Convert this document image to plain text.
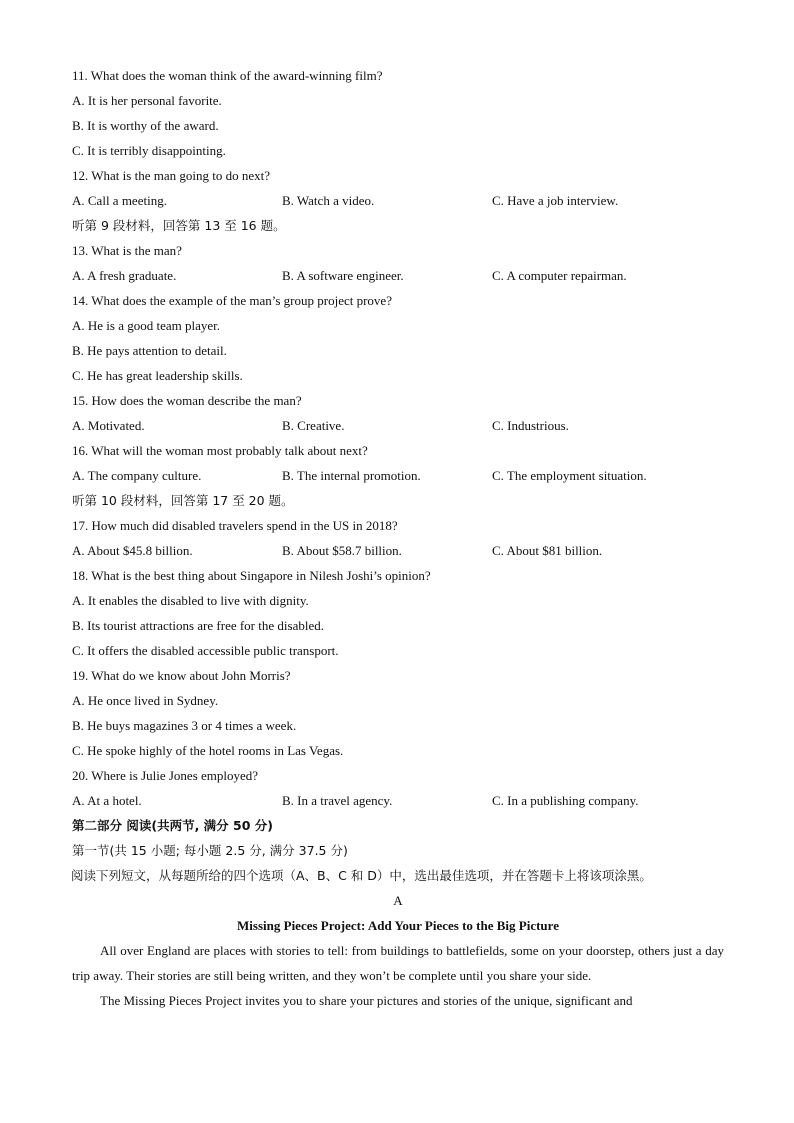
11. What does the woman think of the award-winning film?
A. It is her personal favorite.
B. It is worthy of the award.
C. It is terribly disappointing.
12. What is the man going to do next?
A. Call a meeting.	B. Watch a video.	C. Have a job interview.
听第 9 段材料，回答第 13 至 16 题。
13. What is the man?
A. A fresh graduate.	B. A software engineer.	C. A computer repairman.
14. What does the example of the man’s group project prove?
A. He is a good team player.
B. He pays attention to detail.
C. He has great leadership skills.
15. How does the woman describe the man?
A. Motivated.	B. Creative.	C. Industrious.
16. What will the woman most probably talk about next?
A. The company culture.	B. The internal promotion.	C. The employment situation.
听第 10 段材料，回答第 17 至 20 题。
17. How much did disabled travelers spend in the US in 2018?
A. About $45.8 billion.	B. About $58.7 billion.	C. About $81 billion.
18. What is the best thing about Singapore in Nilesh Joshi’s opinion?
A. It enables the disabled to live with dignity.
B. Its tourist attractions are free for the disabled.
C. It offers the disabled accessible public transport.
19. What do we know about John Morris?
A. He once lived in Sydney.
B. He buys magazines 3 or 4 times a week.
C. He spoke highly of the hotel rooms in Las Vegas.
20. Where is Julie Jones employed?
A. At a hotel.	B. In a travel agency.	C. In a publishing company.
第二部分 阅读(共两节, 满分 50 分)
第一节(共 15 小题; 每小题 2.5 分, 满分 37.5 分)
阅读下列短文，从每题所给的四个选项（A、B、C 和 D）中，选出最佳选项，并在答题卡上将该项涂黑。
A
Missing Pieces Project: Add Your Pieces to the Big Picture
All over England are places with stories to tell: from buildings to battlefields, some on your doorstep, others just a day trip away. Their stories are still being written, and they won’t be complete until you share your side.
The Missing Pieces Project invites you to share your pictures and stories of the unique, significant and
